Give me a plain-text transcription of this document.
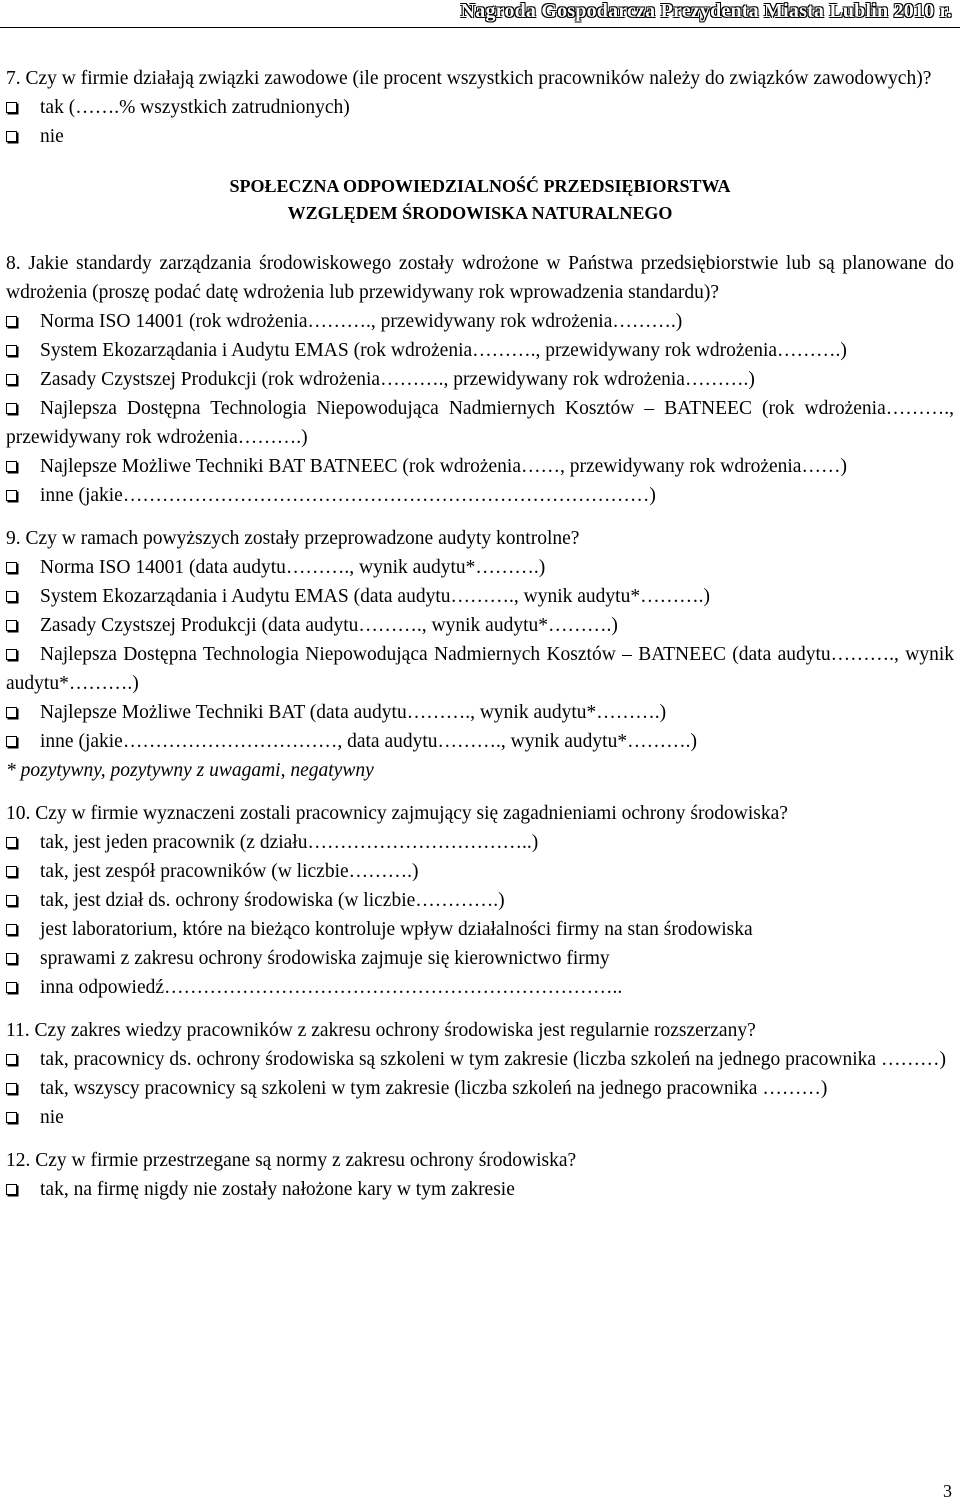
Nagroda Gospodarcza Prezydenta Miasta Lublin 2010 r.

7. Czy w firmie działają związki zawodowe (ile procent wszystkich pracowników należy do związków zawodowych)?

tak (…….% wszystkich zatrudnionych)

nie

SPOŁECZNA ODPOWIEDZIALNOŚĆ PRZEDSIĘBIORSTWA

WZGLĘDEM ŚRODOWISKA NATURALNEGO

8. Jakie standardy zarządzania środowiskowego zostały wdrożone w Państwa przedsiębiorstwie lub są planowane do wdrożenia (proszę podać datę wdrożenia lub przewidywany rok wprowadzenia standardu)?

Norma ISO 14001 (rok wdrożenia………., przewidywany rok wdrożenia……….)

System Ekozarządania i Audytu EMAS (rok wdrożenia………., przewidywany rok wdrożenia……….)

Zasady Czystszej Produkcji (rok wdrożenia………., przewidywany rok wdrożenia……….)

Najlepsza Dostępna Technologia Niepowodująca Nadmiernych Kosztów – BATNEEC (rok wdrożenia………., przewidywany rok wdrożenia……….)

Najlepsze Możliwe Techniki BAT BATNEEC (rok wdrożenia……, przewidywany rok wdrożenia……)

inne (jakie………………………………………………………………………)

9. Czy w ramach powyższych zostały przeprowadzone audyty kontrolne?

Norma ISO 14001 (data audytu………., wynik audytu*……….)

System Ekozarządania i Audytu EMAS (data audytu………., wynik audytu*……….)

Zasady Czystszej Produkcji (data audytu………., wynik audytu*……….)

Najlepsza Dostępna Technologia Niepowodująca Nadmiernych Kosztów – BATNEEC (data audytu………., wynik audytu*……….)

Najlepsze Możliwe Techniki BAT (data audytu………., wynik audytu*……….)

inne (jakie……………………………, data audytu………., wynik audytu*……….)

* pozytywny, pozytywny z uwagami, negatywny

10. Czy w firmie wyznaczeni zostali pracownicy zajmujący się zagadnieniami ochrony środowiska?

tak, jest jeden pracownik (z działu……………………………..)

tak, jest zespół pracowników (w liczbie……….)

tak, jest dział ds. ochrony środowiska (w liczbie………….)

jest laboratorium, które na bieżąco kontroluje wpływ działalności firmy na stan środowiska

sprawami z zakresu ochrony środowiska zajmuje się kierownictwo firmy

inna odpowiedź……………………………………………………………..

11. Czy zakres wiedzy pracowników z zakresu ochrony środowiska jest regularnie rozszerzany?

tak, pracownicy ds. ochrony środowiska są szkoleni w tym zakresie (liczba szkoleń na jednego pracownika ………)

tak, wszyscy pracownicy są szkoleni w tym zakresie (liczba szkoleń na jednego pracownika ………)

nie

12. Czy w firmie przestrzegane są normy z zakresu ochrony środowiska?

tak, na firmę nigdy nie zostały nałożone kary w tym zakresie

3
